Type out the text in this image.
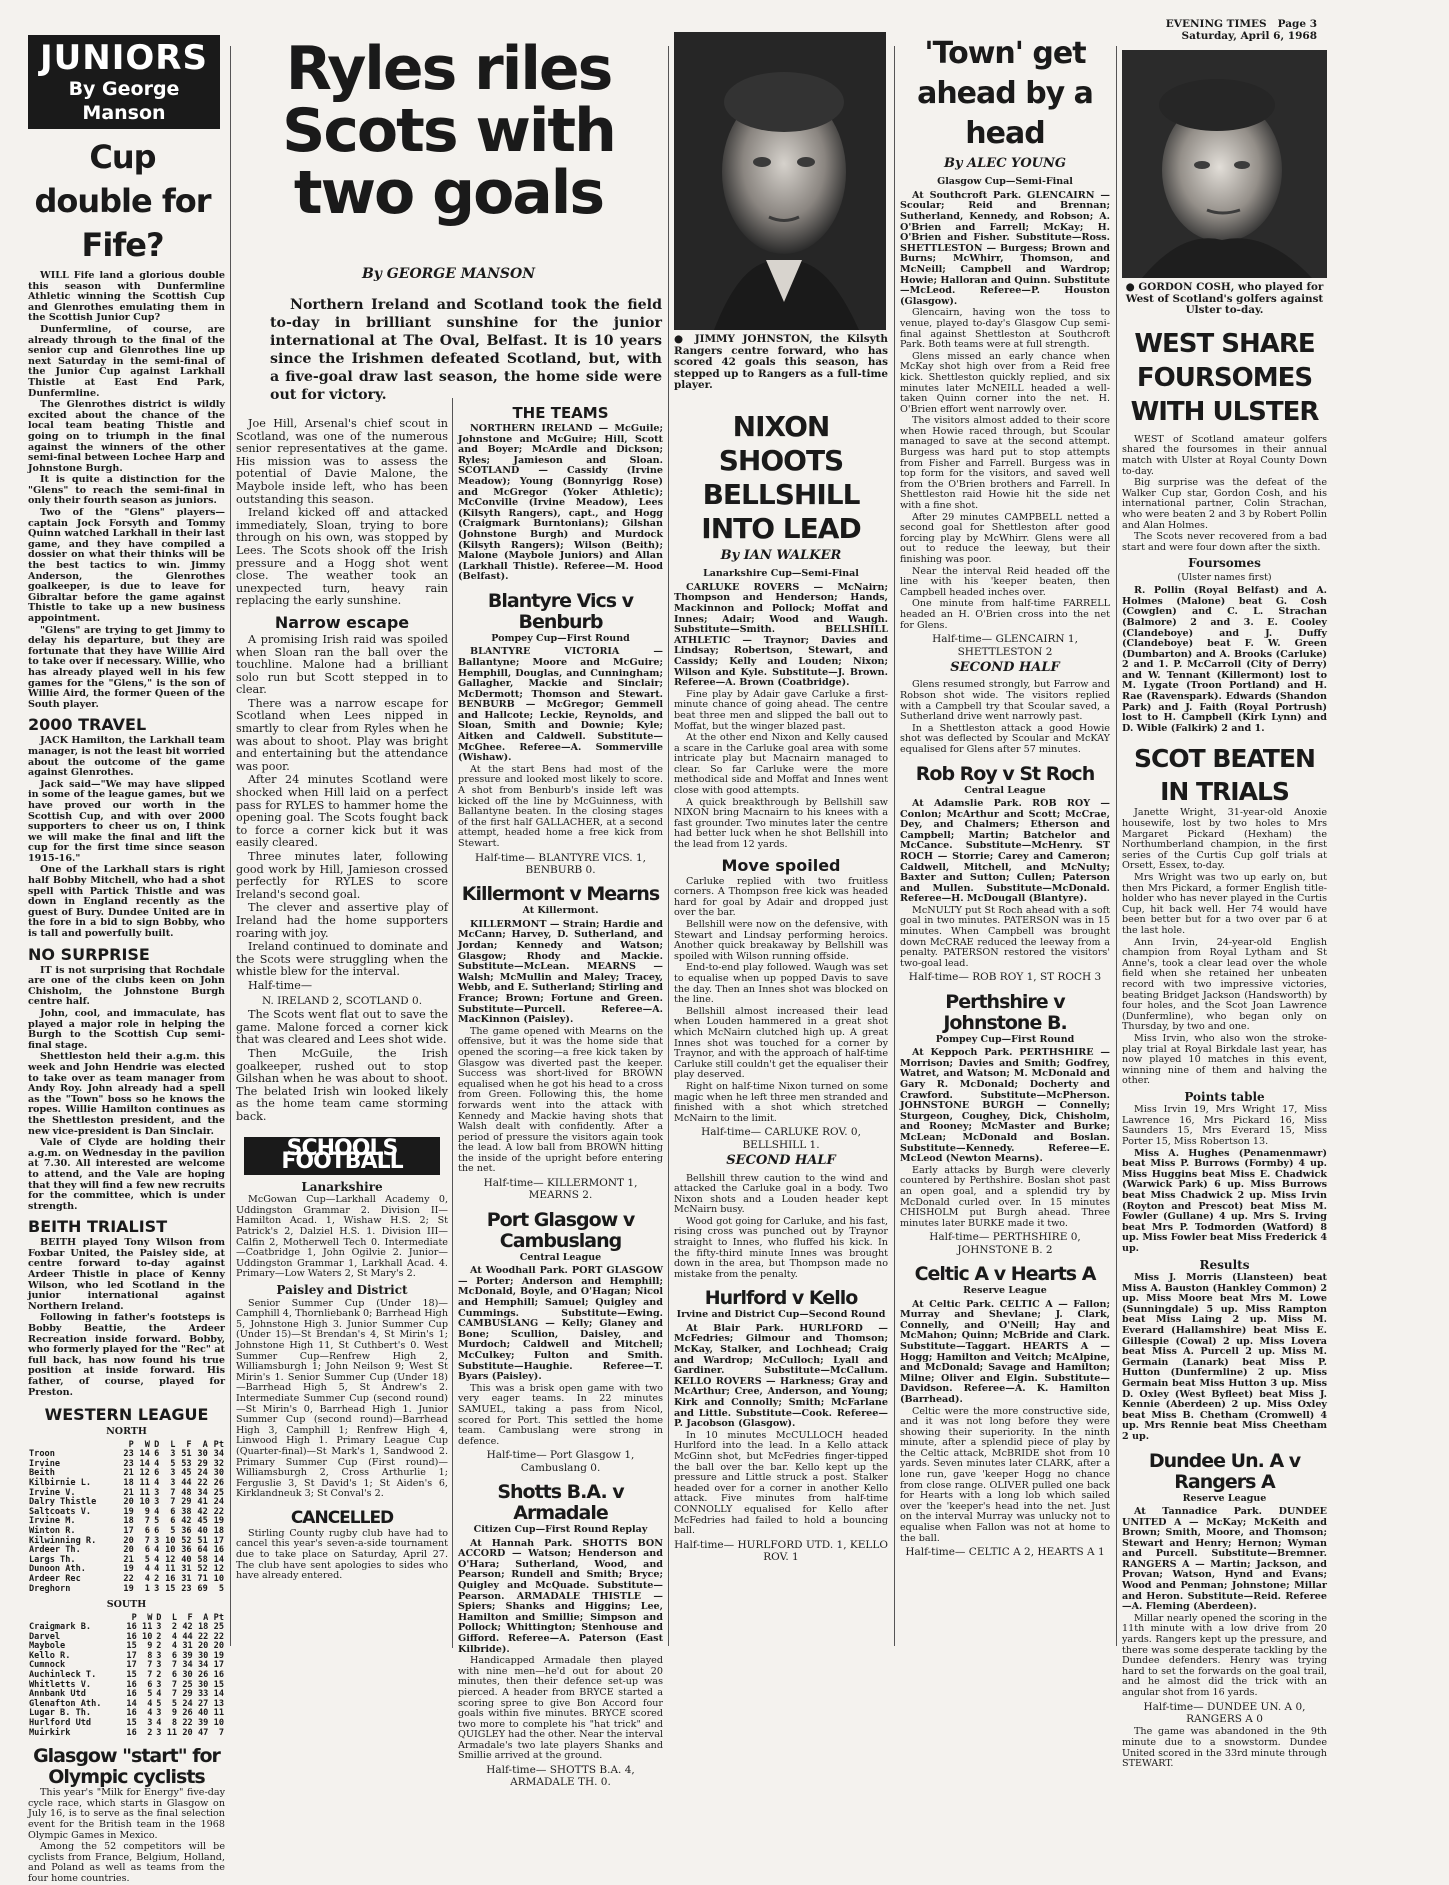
JUNIORS
By George Manson
Cup double for Fife?

WILL Fife land a glorious double this season with Dunfermline Athletic winning the Scottish Cup and Glenrothes emulating them in the Scottish Junior Cup?

Dunfermline, of course, are already through to the final of the senior cup and Glenrothes line up next Saturday in the semi-final of the Junior Cup against Larkhall Thistle at East End Park, Dunfermline.

The Glenrothes district is wildly excited about the chance of the local team beating Thistle and going on to triumph in the final against the winners of the other semi-final between Lochee Harp and Johnstone Burgh.

It is quite a distinction for the "Glens" to reach the semi-final in only their fourth season as juniors.

Two of the "Glens" players—captain Jock Forsyth and Tommy Quinn watched Larkhall in their last game, and they have compiled a dossier on what their thinks will be the best tactics to win. Jimmy Anderson, the Glenrothes goalkeeper, is due to leave for Gibraltar before the game against Thistle to take up a new business appointment.

"Glens" are trying to get Jimmy to delay his departure, but they are fortunate that they have Willie Aird to take over if necessary. Willie, who has already played well in his few games for the "Glens," is the son of Willie Aird, the former Queen of the South player.

2000 TRAVEL

JACK Hamilton, the Larkhall team manager, is not the least bit worried about the outcome of the game against Glenrothes.

Jack said—"We may have slipped in some of the league games, but we have proved our worth in the Scottish Cup, and with over 2000 supporters to cheer us on, I think we will make the final and lift the cup for the first time since season 1915-16."

One of the Larkhall stars is right half Bobby Mitchell, who had a shot spell with Partick Thistle and was down in England recently as the guest of Bury. Dundee United are in the fore in a bid to sign Bobby, who is tall and powerfully built.

NO SURPRISE

IT is not surprising that Rochdale are one of the clubs keen on John Chisholm, the Johnstone Burgh centre half.

John, cool, and immaculate, has played a major role in helping the Burgh to the Scottish Cup semi-final stage.

Shettleston held their a.g.m. this week and John Hendrie was elected to take over as team manager from Andy Roy. John already had a spell as the "Town" boss so he knows the ropes. Willie Hamilton continues as the Shettleston president, and the new vice-president is Dan Sinclair.

Vale of Clyde are holding their a.g.m. on Wednesday in the pavilion at 7.30. All interested are welcome to attend, and the Vale are hoping that they will find a few new recruits for the committee, which is under strength.

BEITH TRIALIST

BEITH played Tony Wilson from Foxbar United, the Paisley side, at centre forward to-day against Ardeer Thistle in place of Kenny Wilson, who led Scotland in the junior international against Northern Ireland.

Following in father's footsteps is Bobby Beattie, the Ardeer Recreation inside forward. Bobby, who formerly played for the "Rec" at full back, has now found his true position at inside forward. His father, of course, played for Preston.

WESTERN LEAGUE
NORTH
	P	W	D	L	F	A	Pt
Troon	23	14	6	3	51	30	34
Irvine	23	14	4	5	53	29	32
Beith	21	12	6	3	45	24	30
Kilbirnie L.	18	11	4	3	44	22	26
Irvine V.	21	11	3	7	48	34	25
Dalry Thistle	20	10	3	7	29	41	24
Saltcoats V.	19	9	4	6	38	42	22
Irvine M.	18	7	5	6	42	45	19
Winton R.	17	6	6	5	36	40	18
Kilwinning R.	20	7	3	10	52	51	17
Ardeer Th.	20	6	4	10	36	64	16
Largs Th.	21	5	4	12	40	58	14
Dunoon Ath.	19	4	4	11	31	52	12
Ardeer Rec	22	4	2	16	31	71	10
Dreghorn	19	1	3	15	23	69	5
SOUTH
	P	W	D	L	F	A	Pt
Craigmark B.	16	11	3	2	42	18	25
Darvel	16	10	2	4	44	22	22
Maybole	15	9	2	4	31	20	20
Kello R.	17	8	3	6	39	30	19
Cumnock	17	7	3	7	34	34	17
Auchinleck T.	15	7	2	6	30	26	16
Whitletts V.	16	6	3	7	25	30	15
Annbank Utd	16	5	4	7	29	33	14
Glenafton Ath.	14	4	5	5	24	27	13
Lugar B. Th.	16	4	3	9	26	40	11
Hurlford Utd	15	3	4	8	22	39	10
Muirkirk	16	2	3	11	20	47	7
Glasgow "start" for Olympic cyclists

This year's "Milk for Energy" five-day cycle race, which starts in Glasgow on July 16, is to serve as the final selection event for the British team in the 1968 Olympic Games in Mexico.

Among the 52 competitors will be cyclists from France, Belgium, Holland, and Poland as well as teams from the four home countries.

Ryles riles Scots with two goals
By GEORGE MANSON
Northern Ireland and Scotland took the field to-day in brilliant sunshine for the junior international at The Oval, Belfast. It is 10 years since the Irishmen defeated Scotland, but, with a five-goal draw last season, the home side were out for victory.

Joe Hill, Arsenal's chief scout in Scotland, was one of the numerous senior representatives at the game. His mission was to assess the potential of Davie Malone, the Maybole inside left, who has been outstanding this season.

Ireland kicked off and attacked immediately, Sloan, trying to bore through on his own, was stopped by Lees. The Scots shook off the Irish pressure and a Hogg shot went close. The weather took an unexpected turn, heavy rain replacing the early sunshine.

Narrow escape

A promising Irish raid was spoiled when Sloan ran the ball over the touchline. Malone had a brilliant solo run but Scott stepped in to clear.

There was a narrow escape for Scotland when Lees nipped in smartly to clear from Ryles when he was about to shoot. Play was bright and entertaining but the attendance was poor.

After 24 minutes Scotland were shocked when Hill laid on a perfect pass for RYLES to hammer home the opening goal. The Scots fought back to force a corner kick but it was easily cleared.

Three minutes later, following good work by Hill, Jamieson crossed perfectly for RYLES to score Ireland's second goal.

The clever and assertive play of Ireland had the home supporters roaring with joy.

Ireland continued to dominate and the Scots were struggling when the whistle blew for the interval.

Half-time—
N. IRELAND 2, SCOTLAND 0.

The Scots went flat out to save the game. Malone forced a corner kick that was cleared and Lees shot wide.

Then McGuile, the Irish goalkeeper, rushed out to stop Gilshan when he was about to shoot. The belated Irish win looked likely as the home team came storming back.

SCHOOLS FOOTBALL
Lanarkshire

McGowan Cup—Larkhall Academy 0, Uddingston Grammar 2. Division II—Hamilton Acad. 1, Wishaw H.S. 2; St Patrick's 2, Dalziel H.S. 1. Division III—Calfin 2, Motherwell Tech 0. Intermediate—Coatbridge 1, John Ogilvie 2. Junior—Uddingston Grammar 1, Larkhall Acad. 4. Primary—Low Waters 2, St Mary's 2.

Paisley and District

Senior Summer Cup (Under 18)—Camphill 4, Thornliebank 0; Barrhead High 5, Johnstone High 3. Junior Summer Cup (Under 15)—St Brendan's 4, St Mirin's 1; Johnstone High 11, St Cuthbert's 0. West Summer Cup—Renfrew High 2, Williamsburgh 1; John Neilson 9; West St Mirin's 1. Senior Summer Cup (Under 18)—Barrhead High 5, St Andrew's 2. Intermediate Summer Cup (second round)—St Mirin's 0, Barrhead High 1. Junior Summer Cup (second round)—Barrhead High 3, Camphill 1; Renfrew High 4, Linwood High 1. Primary League Cup (Quarter-final)—St Mark's 1, Sandwood 2. Primary Summer Cup (First round)—Williamsburgh 2, Cross Arthurlie 1; Ferguslie 3, St David's 1; St Aiden's 6, Kirklandneuk 3; St Conval's 2.

CANCELLED

Stirling County rugby club have had to cancel this year's seven-a-side tournament due to take place on Saturday, April 27. The club have sent apologies to sides who have already entered.

THE TEAMS

NORTHERN IRELAND — McGuile; Johnstone and McGuire; Hill, Scott and Boyer; McArdle and Dickson; Ryles; Jamieson and Sloan. SCOTLAND — Cassidy (Irvine Meadow); Young (Bonnyrigg Rose) and McGregor (Yoker Athletic); McConville (Irvine Meadow), Lees (Kilsyth Rangers), capt., and Hogg (Craigmark Burntonians); Gilshan (Johnstone Burgh) and Murdock (Kilsyth Rangers); Wilson (Beith); Malone (Maybole Juniors) and Allan (Larkhall Thistle). Referee—M. Hood (Belfast).

Blantyre Vics v Benburb
Pompey Cup—First Round

BLANTYRE VICTORIA — Ballantyne; Moore and McGuire; Hemphill, Douglas, and Cunningham; Gallagher, Mackie and Sinclair; McDermott; Thomson and Stewart. BENBURB — McGregor; Gemmell and Hallcote; Leckie, Reynolds, and Sloan, Smith and Downie; Kyle; Aitken and Caldwell. Substitute—McGhee. Referee—A. Sommerville (Wishaw).

At the start Bens had most of the pressure and looked most likely to score. A shot from Benburb's inside left was kicked off the line by McGuinness, with Ballantyne beaten. In the closing stages of the first half GALLACHER, at a second attempt, headed home a free kick from Stewart.

Half-time— BLANTYRE VICS. 1, BENBURB 0.
Killermont v Mearns
At Killermont.

KILLERMONT — Strain; Hardie and McCann; Harvey, D. Sutherland, and Jordan; Kennedy and Watson; Glasgow; Rhody and Mackie. Substitute—McLean. MEARNS — Walsh; McMullin and Maley; Tracey, Webb, and E. Sutherland; Stirling and France; Brown; Fortune and Green. Substitute—Purcell. Referee—A. MacKinnon (Paisley).

The game opened with Mearns on the offensive, but it was the home side that opened the scoring—a free kick taken by Glasgow was diverted past the keeper. Success was short-lived for BROWN equalised when he got his head to a cross from Green. Following this, the home forwards went into the attack with Kennedy and Mackie having shots that Walsh dealt with confidently. After a period of pressure the visitors again took the lead. A low ball from BROWN hitting the inside of the upright before entering the net.

Half-time— KILLERMONT 1, MEARNS 2.
Port Glasgow v Cambuslang
Central League

At Woodhall Park. PORT GLASGOW — Porter; Anderson and Hemphill; McDonald, Boyle, and O'Hagan; Nicol and Hemphill; Samuel; Quigley and Cummings. Substitute—Ewing. CAMBUSLANG — Kelly; Glaney and Bone; Scullion, Daisley, and Murdoch; Caldwell and Mitchell; McCulkey; Fulton and Smith. Substitute—Haughie. Referee—T. Byars (Paisley).

This was a brisk open game with two very eager teams. In 22 minutes SAMUEL, taking a pass from Nicol, scored for Port. This settled the home team. Cambuslang were strong in defence.

Half-time— Port Glasgow 1, Cambuslang 0.
Shotts B.A. v Armadale
Citizen Cup—First Round Replay

At Hannah Park. SHOTTS BON ACCORD — Watson; Henderson and O'Hara; Sutherland, Wood, and Pearson; Rundell and Smith; Bryce; Quigley and McQuade. Substitute—Pearson. ARMADALE THISTLE — Spiers; Shanks and Higgins; Lee, Hamilton and Smillie; Simpson and Pollock; Whittington; Stenhouse and Gifford. Referee—A. Paterson (East Kilbride).

Handicapped Armadale then played with nine men—he'd out for about 20 minutes, then their defence set-up was pierced. A header from BRYCE started a scoring spree to give Bon Accord four goals within five minutes. BRYCE scored two more to complete his "hat trick" and QUIGLEY had the other. Near the interval Armadale's two late players Shanks and Smillie arrived at the ground.

Half-time— SHOTTS B.A. 4, ARMADALE TH. 0.
● JIMMY JOHNSTON, the Kilsyth Rangers centre forward, who has scored 42 goals this season, has stepped up to Rangers as a full-time player.
NIXON SHOOTS BELLSHILL INTO LEAD
By IAN WALKER
Lanarkshire Cup—Semi-Final

CARLUKE ROVERS — McNairn; Thompson and Henderson; Hands, Mackinnon and Pollock; Moffat and Innes; Adair; Wood and Waugh. Substitute—Smith. BELLSHILL ATHLETIC — Traynor; Davies and Lindsay; Robertson, Stewart, and Cassidy; Kelly and Louden; Nixon; Wilson and Kyle. Substitute—J. Brown. Referee—A. Brown (Coatbridge).

Fine play by Adair gave Carluke a first-minute chance of going ahead. The centre beat three men and slipped the ball out to Moffat, but the winger blazed past.

At the other end Nixon and Kelly caused a scare in the Carluke goal area with some intricate play but Macnairn managed to clear. So far Carluke were the more methodical side and Moffat and Innes went close with good attempts.

A quick breakthrough by Bellshill saw NIXON bring Macnairn to his knees with a fast grounder. Two minutes later the centre had better luck when he shot Bellshill into the lead from 12 yards.

Move spoiled

Carluke replied with two fruitless corners. A Thompson free kick was headed hard for goal by Adair and dropped just over the bar.

Bellshill were now on the defensive, with Stewart and Lindsay performing heroics. Another quick breakaway by Bellshill was spoiled with Wilson running offside.

End-to-end play followed. Waugh was set to equalise when up popped Davis to save the day. Then an Innes shot was blocked on the line.

Bellshill almost increased their lead when Louden hammered in a great shot which McNairn clutched high up. A great Innes shot was touched for a corner by Traynor, and with the approach of half-time Carluke still couldn't get the equaliser their play deserved.

Right on half-time Nixon turned on some magic when he left three men stranded and finished with a shot which stretched McNairn to the limit.

Half-time— CARLUKE ROV. 0, BELLSHILL 1.
SECOND HALF

Bellshill threw caution to the wind and attacked the Carluke goal in a body. Two Nixon shots and a Louden header kept McNairn busy.

Wood got going for Carluke, and his fast, rising cross was punched out by Traynor straight to Innes, who fluffed his kick. In the fifty-third minute Innes was brought down in the area, but Thompson made no mistake from the penalty.

Hurlford v Kello
Irvine and District Cup—Second Round

At Blair Park. HURLFORD — McFedries; Gilmour and Thomson; McKay, Stalker, and Lochhead; Craig and Wardrop; McCulloch; Lyall and Gardiner. Substitute—McCallum. KELLO ROVERS — Harkness; Gray and McArthur; Cree, Anderson, and Young; Kirk and Connolly; Smith; McFarlane and Little. Substitute—Cook. Referee—P. Jacobson (Glasgow).

In 10 minutes McCULLOCH headed Hurlford into the lead. In a Kello attack McGinn shot, but McFedries finger-tipped the ball over the bar. Kello kept up the pressure and Little struck a post. Stalker headed over for a corner in another Kello attack. Five minutes from half-time CONNOLLY equalised for Kello after McFedries had failed to hold a bouncing ball.

Half-time— HURLFORD UTD. 1, KELLO ROV. 1
'Town' get ahead by a head
By ALEC YOUNG
Glasgow Cup—Semi-Final

At Southcroft Park. GLENCAIRN — Scoular; Reid and Brennan; Sutherland, Kennedy, and Robson; A. O'Brien and Farrell; McKay; H. O'Brien and Fisher. Substitute—Ross. SHETTLESTON — Burgess; Brown and Burns; McWhirr, Thomson, and McNeill; Campbell and Wardrop; Howie; Halloran and Quinn. Substitute—McLeod. Referee—P. Houston (Glasgow).

Glencairn, having won the toss to venue, played to-day's Glasgow Cup semi-final against Shettleston at Southcroft Park. Both teams were at full strength.

Glens missed an early chance when McKay shot high over from a Reid free kick. Shettleston quickly replied, and six minutes later McNEILL headed a well-taken Quinn corner into the net. H. O'Brien effort went narrowly over.

The visitors almost added to their score when Howie raced through, but Scoular managed to save at the second attempt. Burgess was hard put to stop attempts from Fisher and Farrell. Burgess was in top form for the visitors, and saved well from the O'Brien brothers and Farrell. In Shettleston raid Howie hit the side net with a fine shot.

After 29 minutes CAMPBELL netted a second goal for Shettleston after good forcing play by McWhirr. Glens were all out to reduce the leeway, but their finishing was poor.

Near the interval Reid headed off the line with his 'keeper beaten, then Campbell headed inches over.

One minute from half-time FARRELL headed an H. O'Brien cross into the net for Glens.

Half-time— GLENCAIRN 1, SHETTLESTON 2
SECOND HALF

Glens resumed strongly, but Farrow and Robson shot wide. The visitors replied with a Campbell try that Scoular saved, a Sutherland drive went narrowly past.

In a Shettleston attack a good Howie shot was deflected by Scoular and McKAY equalised for Glens after 57 minutes.

Rob Roy v St Roch
Central League

At Adamslie Park. ROB ROY — Conlon; McArthur and Scott; McCrae, Dey, and Chalmers; Etherson and Campbell; Martin; Batchelor and McCance. Substitute—McHenry. ST ROCH — Storrie; Carey and Cameron; Caldwell, Mitchell, and McNulty; Baxter and Sutton; Cullen; Paterson and Mullen. Substitute—McDonald. Referee—H. McDougall (Blantyre).

McNULTY put St Roch ahead with a soft goal in two minutes. PATERSON was in 15 minutes. When Campbell was brought down McCRAE reduced the leeway from a penalty. PATERSON restored the visitors' two-goal lead.

Half-time— ROB ROY 1, ST ROCH 3
Perthshire v Johnstone B.
Pompey Cup—First Round

At Keppoch Park. PERTHSHIRE — Morrison; Davies and Smith; Godfrey, Watret, and Watson; M. McDonald and Gary R. McDonald; Docherty and Crawford. Substitute—McPherson. JOHNSTONE BURGH — Connelly; Sturgeon, Coughey, Dick, Chisholm, and Rooney; McMaster and Burke; McLean; McDonald and Boslan. Substitute—Kennedy. Referee—E. McLeod (Newton Mearns).

Early attacks by Burgh were cleverly countered by Perthshire. Boslan shot past an open goal, and a splendid try by McDonald curled over. In 15 minutes CHISHOLM put Burgh ahead. Three minutes later BURKE made it two.

Half-time— PERTHSHIRE 0, JOHNSTONE B. 2
Celtic A v Hearts A
Reserve League

At Celtic Park. CELTIC A — Fallon; Murray and Shevlane; J. Clark, Connelly, and O'Neill; Hay and McMahon; Quinn; McBride and Clark. Substitute—Taggart. HEARTS A — Hogg; Hamilton and Veitch; McAlpine, and McDonald; Savage and Hamilton; Milne; Oliver and Elgin. Substitute—Davidson. Referee—A. K. Hamilton (Barrhead).

Celtic were the more constructive side, and it was not long before they were showing their superiority. In the ninth minute, after a splendid piece of play by the Celtic attack, McBRIDE shot from 10 yards. Seven minutes later CLARK, after a lone run, gave 'keeper Hogg no chance from close range. OLIVER pulled one back for Hearts with a long lob which sailed over the 'keeper's head into the net. Just on the interval Murray was unlucky not to equalise when Fallon was not at home to the ball.

Half-time— CELTIC A 2, HEARTS A 1
EVENING TIMES Page 3
Saturday, April 6, 1968
● GORDON COSH, who played for West of Scotland's golfers against Ulster to-day.
WEST SHARE FOURSOMES WITH ULSTER

WEST of Scotland amateur golfers shared the foursomes in their annual match with Ulster at Royal County Down to-day.

Big surprise was the defeat of the Walker Cup star, Gordon Cosh, and his international partner, Colin Strachan, who were beaten 2 and 3 by Robert Pollin and Alan Holmes.

The Scots never recovered from a bad start and were four down after the sixth.

Foursomes
(Ulster names first)

R. Pollin (Royal Belfast) and A. Holmes (Malone) beat G. Cosh (Cowglen) and C. L. Strachan (Balmore) 2 and 3. E. Cooley (Clandeboye) and J. Duffy (Clandeboye) beat F. W. Green (Dumbarton) and A. Brooks (Carluke) 2 and 1. P. McCarroll (City of Derry) and W. Tennant (Killermont) lost to M. Lygate (Troon Portland) and H. Rae (Ravenspark). Edwards (Shandon Park) and J. Faith (Royal Portrush) lost to H. Campbell (Kirk Lynn) and D. Wible (Falkirk) 2 and 1.

SCOT BEATEN IN TRIALS

Janette Wright, 31-year-old Anoxie housewife, lost by two holes to Mrs Margaret Pickard (Hexham) the Northumberland champion, in the first series of the Curtis Cup golf trials at Orsett, Essex, to-day.

Mrs Wright was two up early on, but then Mrs Pickard, a former English title-holder who has never played in the Curtis Cup, hit back well. Her 74 would have been better but for a two over par 6 at the last hole.

Ann Irvin, 24-year-old English champion from Royal Lytham and St Anne's, took a clear lead over the whole field when she retained her unbeaten record with two impressive victories, beating Bridget Jackson (Handsworth) by four holes, and the Scot Joan Lawrence (Dunfermline), who began only on Thursday, by two and one.

Miss Irvin, who also won the stroke-play trial at Royal Birkdale last year, has now played 10 matches in this event, winning nine of them and halving the other.

Points table

Miss Irvin 19, Mrs Wright 17, Miss Lawrence 16, Mrs Pickard 16, Miss Saunders 15, Mrs Everard 15, Miss Porter 15, Miss Robertson 13.

Miss A. Hughes (Penamenmawr) beat Miss P. Burrows (Formby) 4 up. Miss Huggins beat Miss E. Chadwick (Warwick Park) 6 up. Miss Burrows beat Miss Chadwick 2 up. Miss Irvin (Royton and Prescot) beat Miss M. Fowler (Gullane) 4 up. Mrs S. Irving beat Mrs P. Todmorden (Watford) 8 up. Miss Fowler beat Miss Frederick 4 up.

Results

Miss J. Morris (Llansteen) beat Miss A. Bauston (Hankley Common) 2 up. Miss Moore beat Mrs M. Lowe (Sunningdale) 5 up. Miss Rampton beat Miss Laing 2 up. Miss M. Everard (Hallamshire) beat Miss E. Gillespie (Cowal) 2 up. Miss Lovera beat Miss A. Purcell 2 up. Miss M. Germain (Lanark) beat Miss P. Hutton (Dunfermline) 2 up. Miss Germain beat Miss Hutton 3 up. Miss D. Oxley (West Byfleet) beat Miss J. Kennie (Aberdeen) 2 up. Miss Oxley beat Miss B. Chetham (Cromwell) 4 up. Mrs Rennie beat Miss Cheetham 2 up.

Dundee Un. A v Rangers A
Reserve League

At Tannadice Park. DUNDEE UNITED A — McKay; McKeith and Brown; Smith, Moore, and Thomson; Stewart and Henry; Hernon; Wyman and Purcell. Substitute—Bremner. RANGERS A — Martin; Jackson, and Provan; Watson, Hynd and Evans; Wood and Penman; Johnstone; Millar and Heron. Substitute—Reid. Referee—A. Fleming (Aberdeen).

Millar nearly opened the scoring in the 11th minute with a low drive from 20 yards. Rangers kept up the pressure, and there was some desperate tackling by the Dundee defenders. Henry was trying hard to set the forwards on the goal trail, and he almost did the trick with an angular shot from 16 yards.

Half-time— DUNDEE UN. A 0, RANGERS A 0

The game was abandoned in the 9th minute due to a snowstorm. Dundee United scored in the 33rd minute through STEWART.
